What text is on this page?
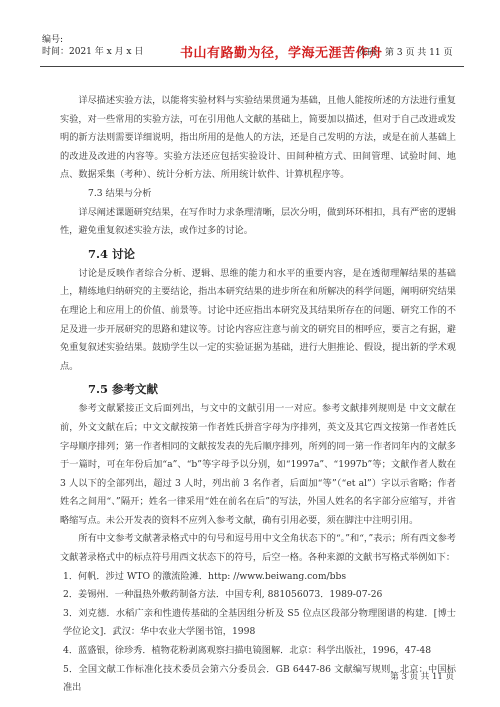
编号:
时间：2021 年 x 月 x 日	书山有路勤为径，学海无涯苦作舟
页码：第 3 页 共 11 页

详尽描述实验方法，以能将实验材料与实验结果贯通为基础，且他人能按所述的方法进行重复实验，对一些常用的实验方法，可在引用他人文献的基础上，简要加以描述，但对于自己改进或发明的新方法则需要详细说明，指出所用的是他人的方法，还是自己发明的方法，或是在前人基础上的改进及改进的内容等。实验方法还应包括实验设计、田间种植方式、田间管理、试验时间、地点、数据采集（考种）、统计分析方法、所用统计软件、计算机程序等。

7.3 结果与分析

详尽阐述课题研究结果，在写作时力求条理清晰，层次分明，做到环环相扣，具有严密的逻辑性，避免重复叙述实验方法，或作过多的讨论。

7.4 讨论

讨论是反映作者综合分析、逻辑、思维的能力和水平的重要内容，是在透彻理解结果的基础上，精练地归纳研究的主要结论，指出本研究结果的进步所在和所解决的科学问题，阐明研究结果在理论上和应用上的价值、前景等。讨论中还应指出本研究及其结果所存在的问题、研究工作的不足及进一步开展研究的思路和建议等。讨论内容应注意与前文的研究目的相呼应，要言之有据，避免重复叙述实验结果。鼓励学生以一定的实验证据为基础，进行大胆推论、假设，提出新的学术观点。

7.5 参考文献

参考文献紧接正文后面列出，与文中的文献引用一一对应。参考文献排列规则是 中文文献在前，外文文献在后；中文文献按第一作者姓氏拼音字母为序排列，英文及其它西文按第一作者姓氏字母顺序排列；第一作者相同的文献按发表的先后顺序排列，所列的同一第一作者同年内的文献多于一篇时，可在年份后加“a”、“b”等字母予以分别，如“1997a”、“1997b”等；文献作者人数在 3 人以下的全部列出，超过 3 人时，列出前 3 名作者，后面加“等”（“et al”）字以示省略；作者姓名之间用“、”隔开；姓名一律采用“姓在前名在后”的写法，外国人姓名的名字部分应缩写，并省略缩写点。未公开发表的资料不应列入参考文献，确有引用必要，须在脚注中注明引用。

所有中文参考文献著录格式中的句号和逗号用中文全角状态下的“。”和“，”表示；所有西文参考文献著录格式中的标点符号用西文状态下的符号，后空一格。各种来源的文献书写格式举例如下：

1．何帆．涉过 WTO 的激流险滩．http: //www.beiwang.com/bbs

2．姜锡州．一种温热外敷药制备方法．中国专利, 881056073．1989-07-26

3．刘克德．水稻广亲和性遗传基础的全基因组分析及 S5 位点区段部分物理图谱的构建．[博士学位论文]．武汉：华中农业大学图书馆，1998

4．蓝盛银，徐珍秀．植物花粉剥离观察扫描电镜图解．北京：科学出版社，1996，47-48

5．全国文献工作标准化技术委员会第六分委员会．GB 6447-86 文献编写规则．北京：中国标准出

第 3 页 共 11 页
